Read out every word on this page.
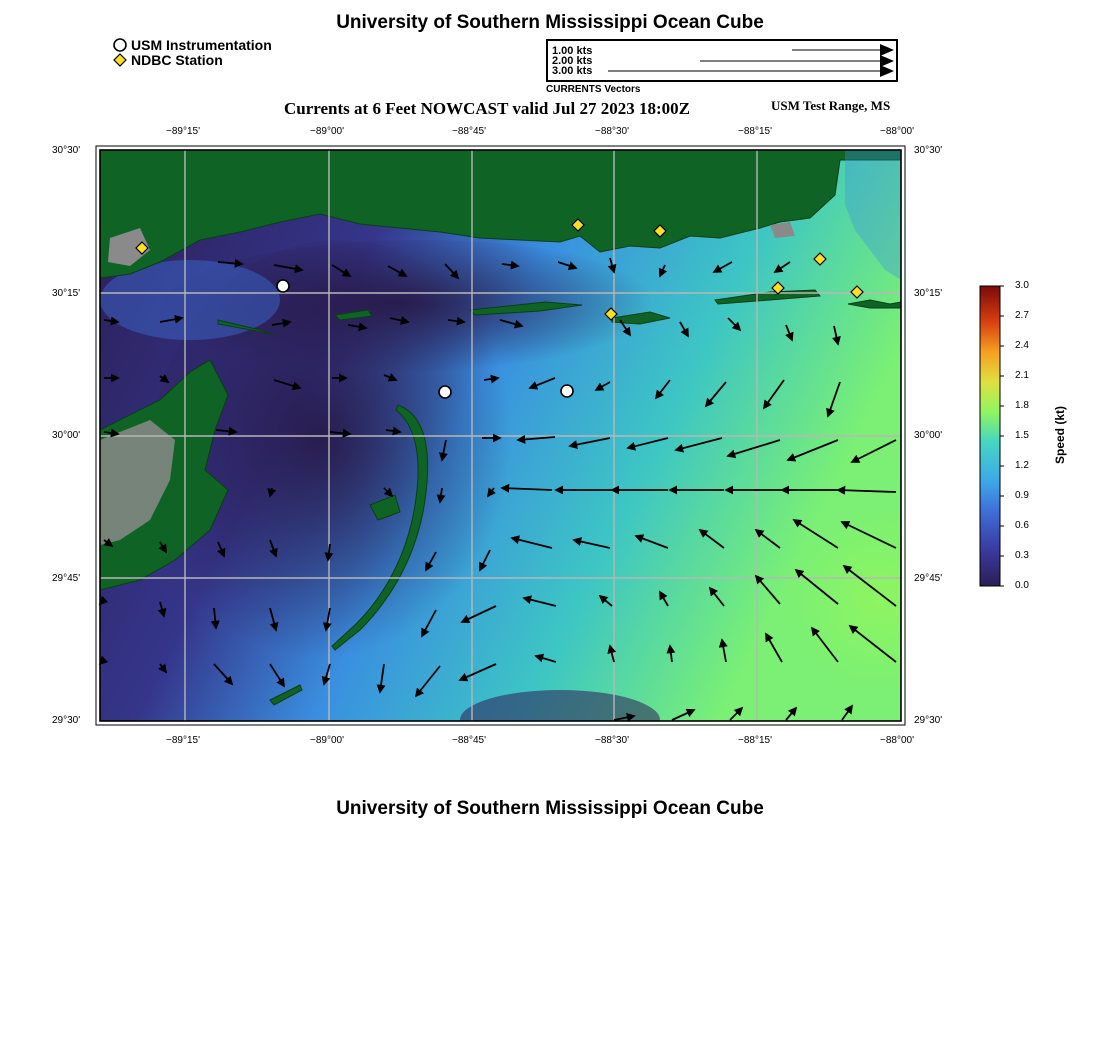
University of Southern Mississippi Ocean Cube
USM Instrumentation
NDBC Station
1.00 kts
2.00 kts
3.00 kts
CURRENTS Vectors
Currents at 6 Feet NOWCAST valid Jul 27 2023 18:00Z	USM Test Range, MS
−89°15'	−89°00'	−88°45'	−88°30'	−88°15'	−88°00'
−89°15'	−89°00'	−88°45'	−88°30'	−88°15'	−88°00'
30°30'
30°15'
30°00'
29°45'
29°30'
30°30'
30°15'
30°00'
29°45'
29°30'
3.0
2.7
2.4
2.1
1.8
1.5
1.2
0.9
0.6
0.3
0.0
Speed (kt)
University of Southern Mississippi Ocean Cube
